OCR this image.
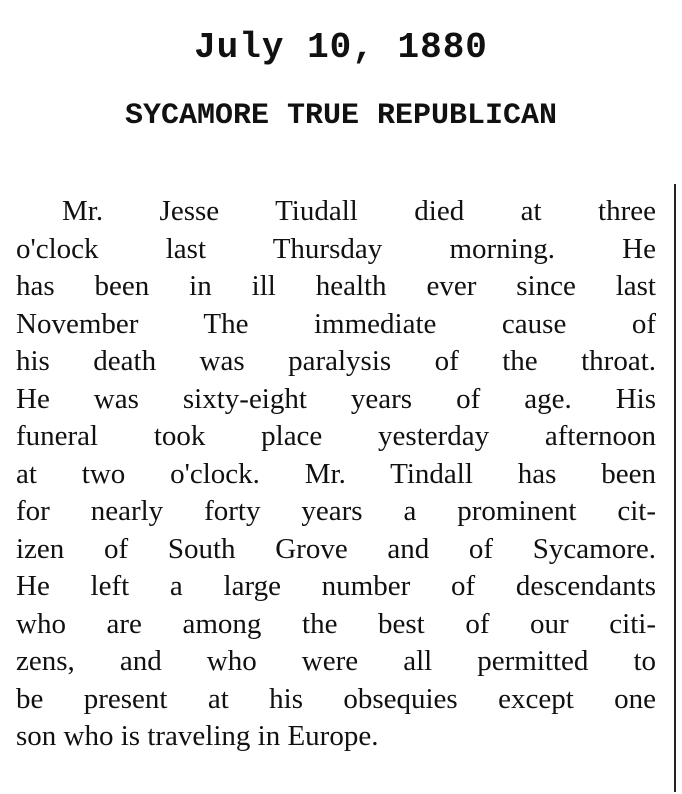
July 10, 1880
SYCAMORE TRUE REPUBLICAN
Mr. Jesse Tiudall died at three
o'clock last Thursday morning. He
has been in ill health ever since last
November The immediate cause of
his death was paralysis of the throat.
He was sixty-eight years of age. His
funeral took place yesterday afternoon
at two o'clock. Mr. Tindall has been
for nearly forty years a prominent cit-
izen of South Grove and of Sycamore.
He left a large number of descendants
who are among the best of our citi-
zens, and who were all permitted to
be present at his obsequies except one
son who is traveling in Europe.
